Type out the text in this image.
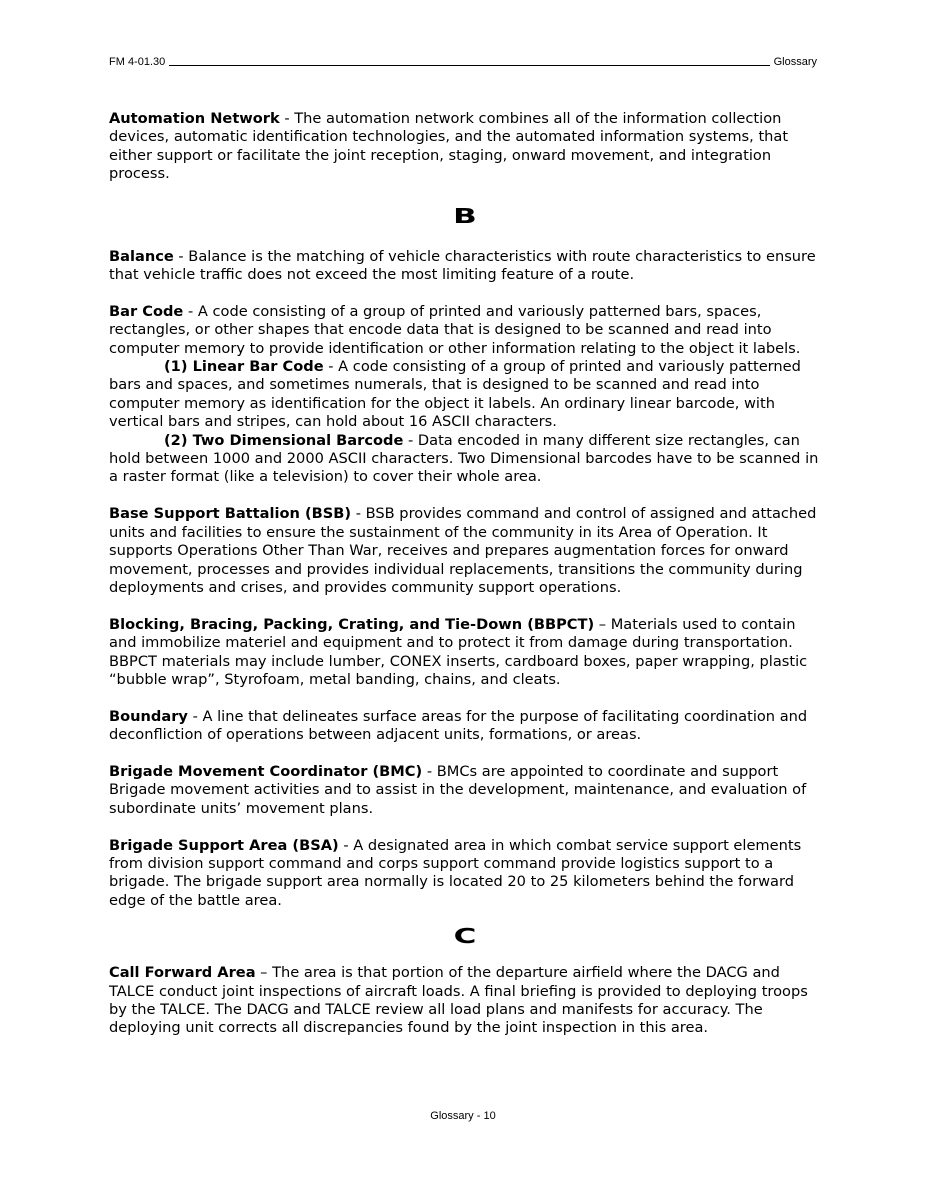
FM 4-01.30	Glossary

Automation Network - The automation network combines all of the information collection devices, automatic identification technologies, and the automated information systems, that either support or facilitate the joint reception, staging, onward movement, and integration process.

B

Balance - Balance is the matching of vehicle characteristics with route characteristics to ensure that vehicle traffic does not exceed the most limiting feature of a route.

Bar Code - A code consisting of a group of printed and variously patterned bars, spaces, rectangles, or other shapes that encode data that is designed to be scanned and read into computer memory to provide identification or other information relating to the object it labels.

(1) Linear Bar Code - A code consisting of a group of printed and variously patterned bars and spaces, and sometimes numerals, that is designed to be scanned and read into computer memory as identification for the object it labels. An ordinary linear barcode, with vertical bars and stripes, can hold about 16 ASCII characters.

(2) Two Dimensional Barcode - Data encoded in many different size rectangles, can hold between 1000 and 2000 ASCII characters. Two Dimensional barcodes have to be scanned in a raster format (like a television) to cover their whole area.

Base Support Battalion (BSB) - BSB provides command and control of assigned and attached units and facilities to ensure the sustainment of the community in its Area of Operation. It supports Operations Other Than War, receives and prepares augmentation forces for onward movement, processes and provides individual replacements, transitions the community during deployments and crises, and provides community support operations.

Blocking, Bracing, Packing, Crating, and Tie-Down (BBPCT) – Materials used to contain and immobilize materiel and equipment and to protect it from damage during transportation. BBPCT materials may include lumber, CONEX inserts, cardboard boxes, paper wrapping, plastic “bubble wrap”, Styrofoam, metal banding, chains, and cleats.

Boundary - A line that delineates surface areas for the purpose of facilitating coordination and deconfliction of operations between adjacent units, formations, or areas.

Brigade Movement Coordinator (BMC) - BMCs are appointed to coordinate and support Brigade movement activities and to assist in the development, maintenance, and evaluation of subordinate units’ movement plans.

Brigade Support Area (BSA) - A designated area in which combat service support elements from division support command and corps support command provide logistics support to a brigade. The brigade support area normally is located 20 to 25 kilometers behind the forward edge of the battle area.

C

Call Forward Area – The area is that portion of the departure airfield where the DACG and TALCE conduct joint inspections of aircraft loads. A final briefing is provided to deploying troops by the TALCE. The DACG and TALCE review all load plans and manifests for accuracy. The deploying unit corrects all discrepancies found by the joint inspection in this area.

Glossary - 10
